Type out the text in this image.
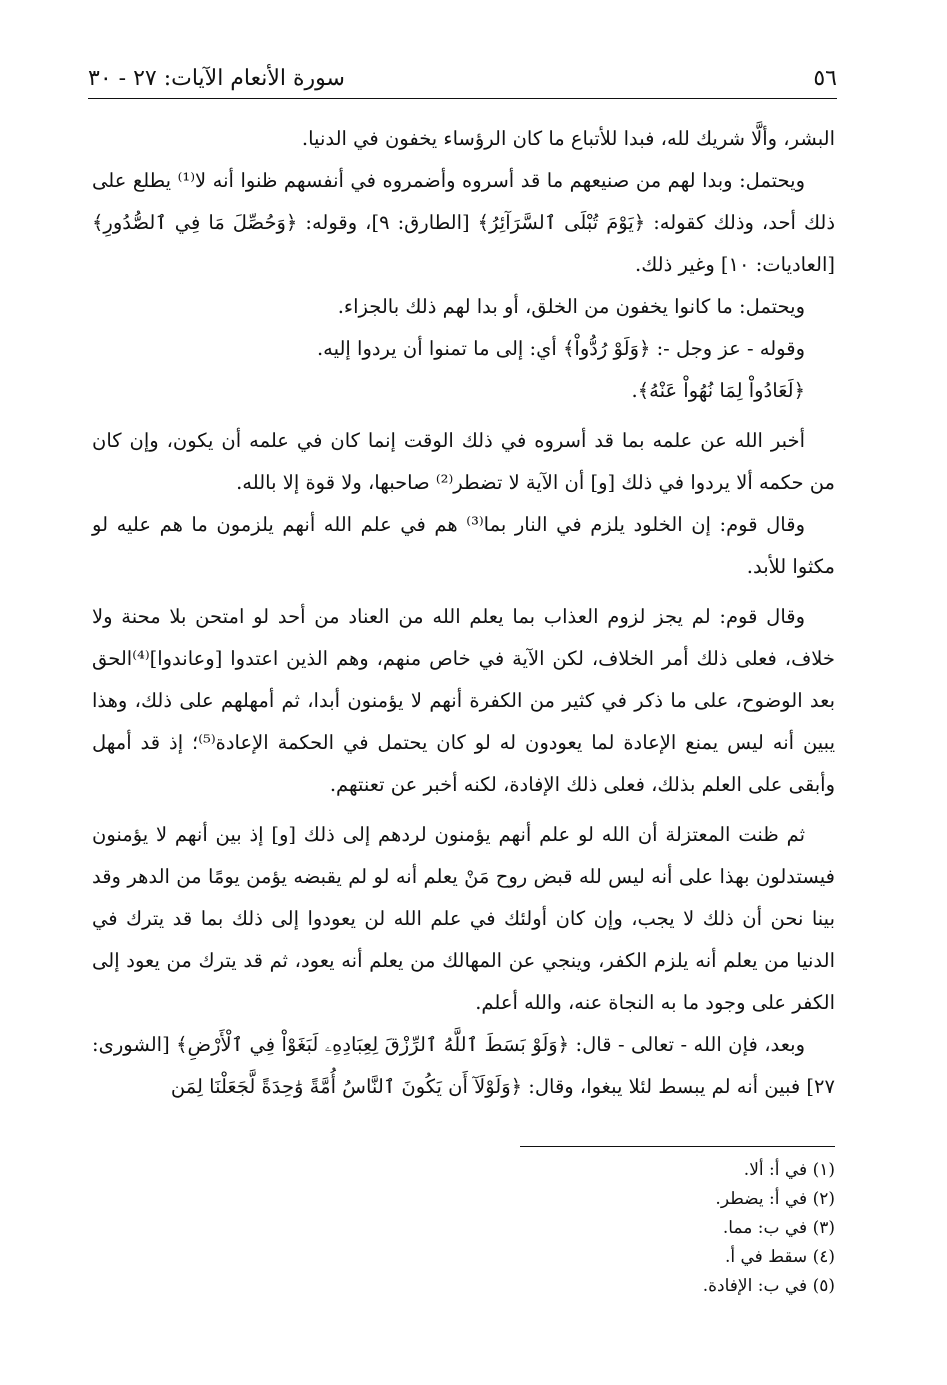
٥٦
سورة الأنعام الآيات: ٢٧ - ٣٠

البشر، وألَّا شريك لله، فبدا للأتباع ما كان الرؤساء يخفون في الدنيا.

ويحتمل: وبدا لهم من صنيعهم ما قد أسروه وأضمروه في أنفسهم ظنوا أنه لا⁽¹⁾ يطلع على ذلك أحد، وذلك كقوله: ﴿يَوْمَ تُبْلَى ٱلسَّرَآئِرُ﴾ [الطارق: ٩]، وقوله: ﴿وَحُصِّلَ مَا فِي ٱلصُّدُورِ﴾ [العاديات: ١٠] وغير ذلك.

ويحتمل: ما كانوا يخفون من الخلق، أو بدا لهم ذلك بالجزاء.

وقوله - عز وجل -: ﴿وَلَوْ رُدُّواْ﴾ أي: إلى ما تمنوا أن يردوا إليه.

﴿لَعَادُواْ لِمَا نُهُواْ عَنْهُ﴾.

أخبر الله عن علمه بما قد أسروه في ذلك الوقت إنما كان في علمه أن يكون، وإن كان من حكمه ألا يردوا في ذلك [و] أن الآية لا تضطر⁽²⁾ صاحبها، ولا قوة إلا بالله.

وقال قوم: إن الخلود يلزم في النار بما⁽³⁾ هم في علم الله أنهم يلزمون ما هم عليه لو مكثوا للأبد.

وقال قوم: لم يجز لزوم العذاب بما يعلم الله من العناد من أحد لو امتحن بلا محنة ولا خلاف، فعلى ذلك أمر الخلاف، لكن الآية في خاص منهم، وهم الذين اعتدوا [وعاندوا]⁽⁴⁾الحق بعد الوضوح، على ما ذكر في كثير من الكفرة أنهم لا يؤمنون أبدا، ثم أمهلهم على ذلك، وهذا يبين أنه ليس يمنع الإعادة لما يعودون له لو كان يحتمل في الحكمة الإعادة⁽⁵⁾؛ إذ قد أمهل وأبقى على العلم بذلك، فعلى ذلك الإفادة، لكنه أخبر عن تعنتهم.

ثم ظنت المعتزلة أن الله لو علم أنهم يؤمنون لردهم إلى ذلك [و] إذ بين أنهم لا يؤمنون فيستدلون بهذا على أنه ليس لله قبض روح مَنْ يعلم أنه لو لم يقبضه يؤمن يومًا من الدهر وقد بينا نحن أن ذلك لا يجب، وإن كان أولئك في علم الله لن يعودوا إلى ذلك بما قد يترك في الدنيا من يعلم أنه يلزم الكفر، وينجي عن المهالك من يعلم أنه يعود، ثم قد يترك من يعود إلى الكفر على وجود ما به النجاة عنه، والله أعلم.

وبعد، فإن الله - تعالى - قال: ﴿وَلَوْ بَسَطَ ٱللَّهُ ٱلرِّزْقَ لِعِبَادِهِۦ لَبَغَوْاْ فِي ٱلْأَرْضِ﴾ [الشورى: ٢٧] فبين أنه لم يبسط لئلا يبغوا، وقال: ﴿وَلَوْلَآ أَن يَكُونَ ٱلنَّاسُ أُمَّةً وَٰحِدَةً لَّجَعَلْنَا لِمَن

(١) في أ: ألا.
(٢) في أ: يضطر.
(٣) في ب: مما.
(٤) سقط في أ.
(٥) في ب: الإفادة.
